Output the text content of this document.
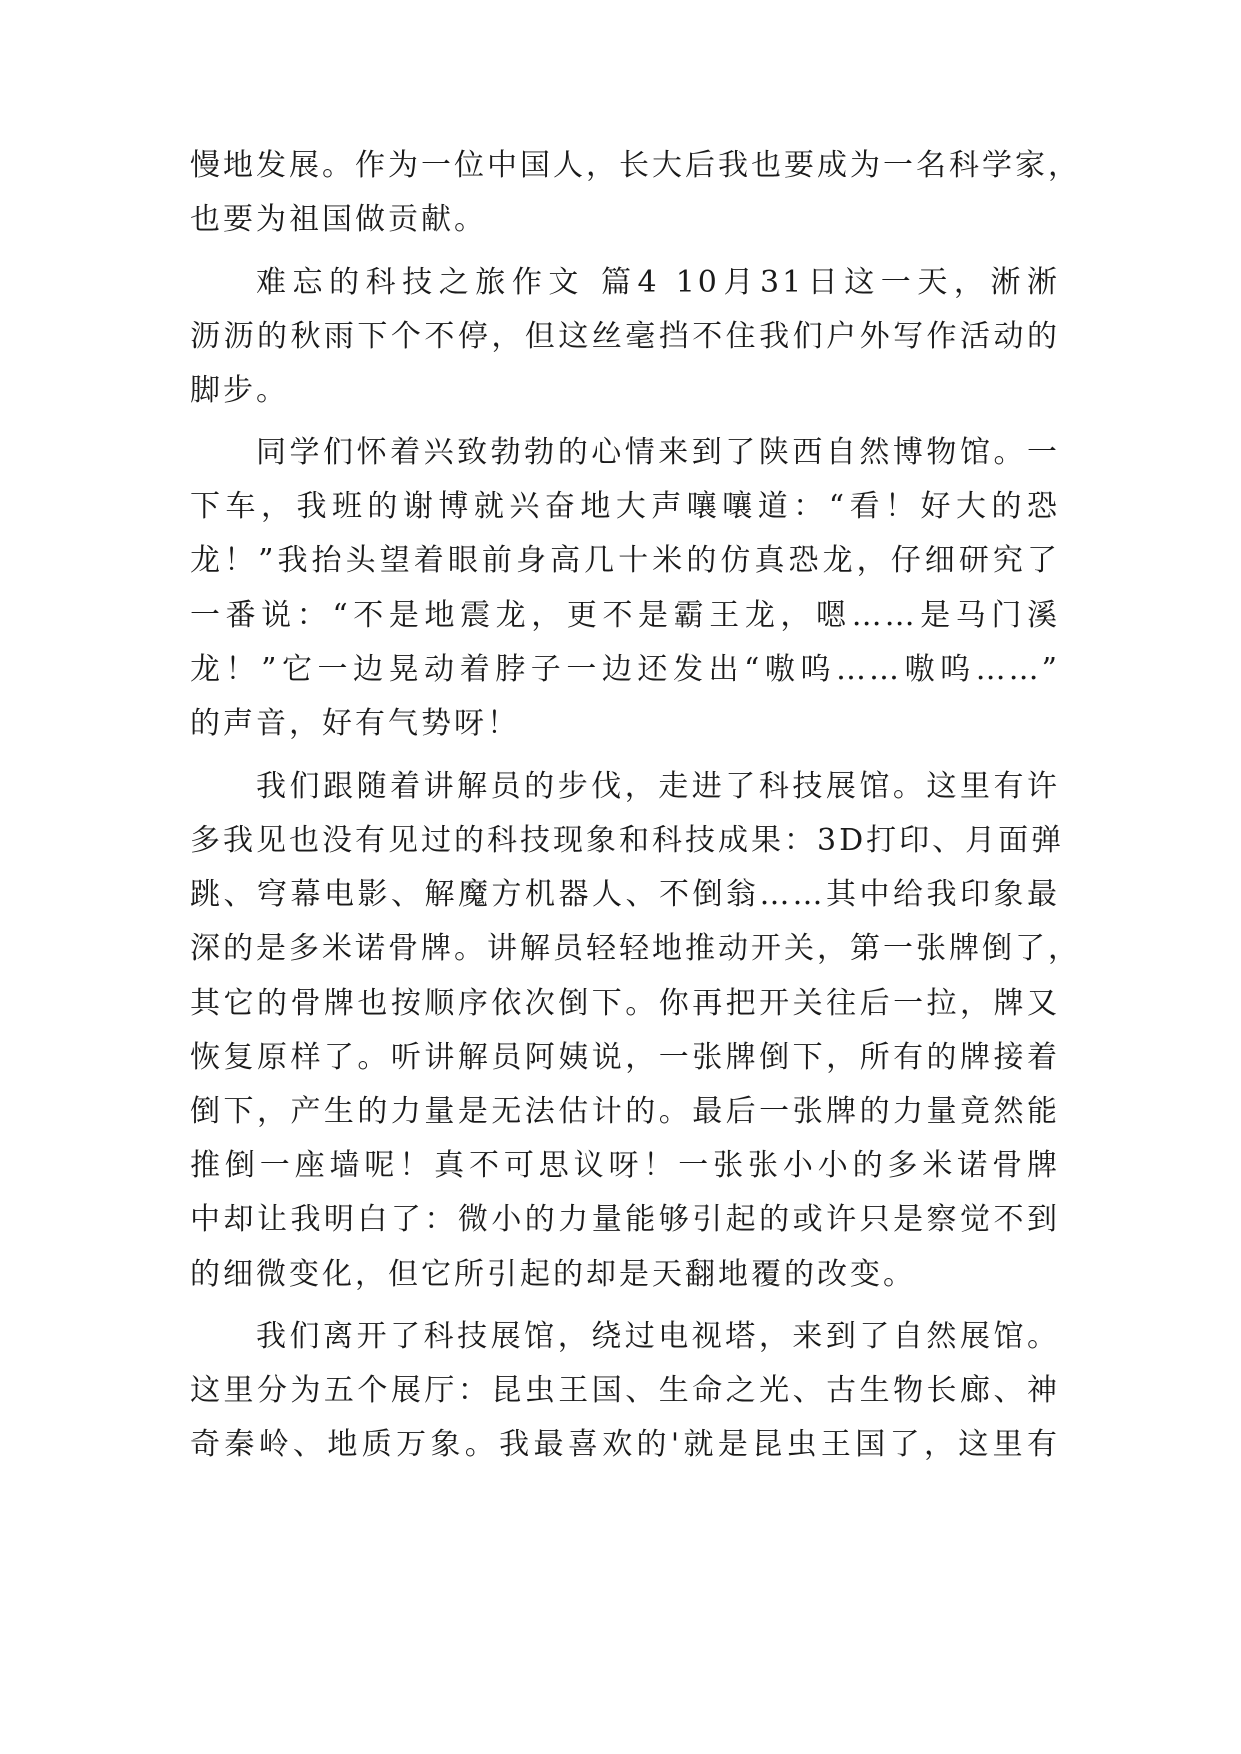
慢地发展。作为一位中国人，长大后我也要成为一名科学家，
也要为祖国做贡献。
难忘的科技之旅作文 篇4 10月31日这一天，淅淅
沥沥的秋雨下个不停，但这丝毫挡不住我们户外写作活动的
脚步。
同学们怀着兴致勃勃的心情来到了陕西自然博物馆。一
下车，我班的谢博就兴奋地大声嚷嚷道：“看！好大的恐
龙！”我抬头望着眼前身高几十米的仿真恐龙，仔细研究了
一番说：“不是地震龙，更不是霸王龙，嗯……是马门溪
龙！”它一边晃动着脖子一边还发出“嗷呜……嗷呜……”
的声音，好有气势呀！
我们跟随着讲解员的步伐，走进了科技展馆。这里有许
多我见也没有见过的科技现象和科技成果：3D打印、月面弹
跳、穹幕电影、解魔方机器人、不倒翁……其中给我印象最
深的是多米诺骨牌。讲解员轻轻地推动开关，第一张牌倒了，
其它的骨牌也按顺序依次倒下。你再把开关往后一拉，牌又
恢复原样了。听讲解员阿姨说，一张牌倒下，所有的牌接着
倒下，产生的力量是无法估计的。最后一张牌的力量竟然能
推倒一座墙呢！真不可思议呀！一张张小小的多米诺骨牌
中却让我明白了：微小的力量能够引起的或许只是察觉不到
的细微变化，但它所引起的却是天翻地覆的改变。
我们离开了科技展馆，绕过电视塔，来到了自然展馆。
这里分为五个展厅：昆虫王国、生命之光、古生物长廊、神
奇秦岭、地质万象。我最喜欢的'就是昆虫王国了，这里有
